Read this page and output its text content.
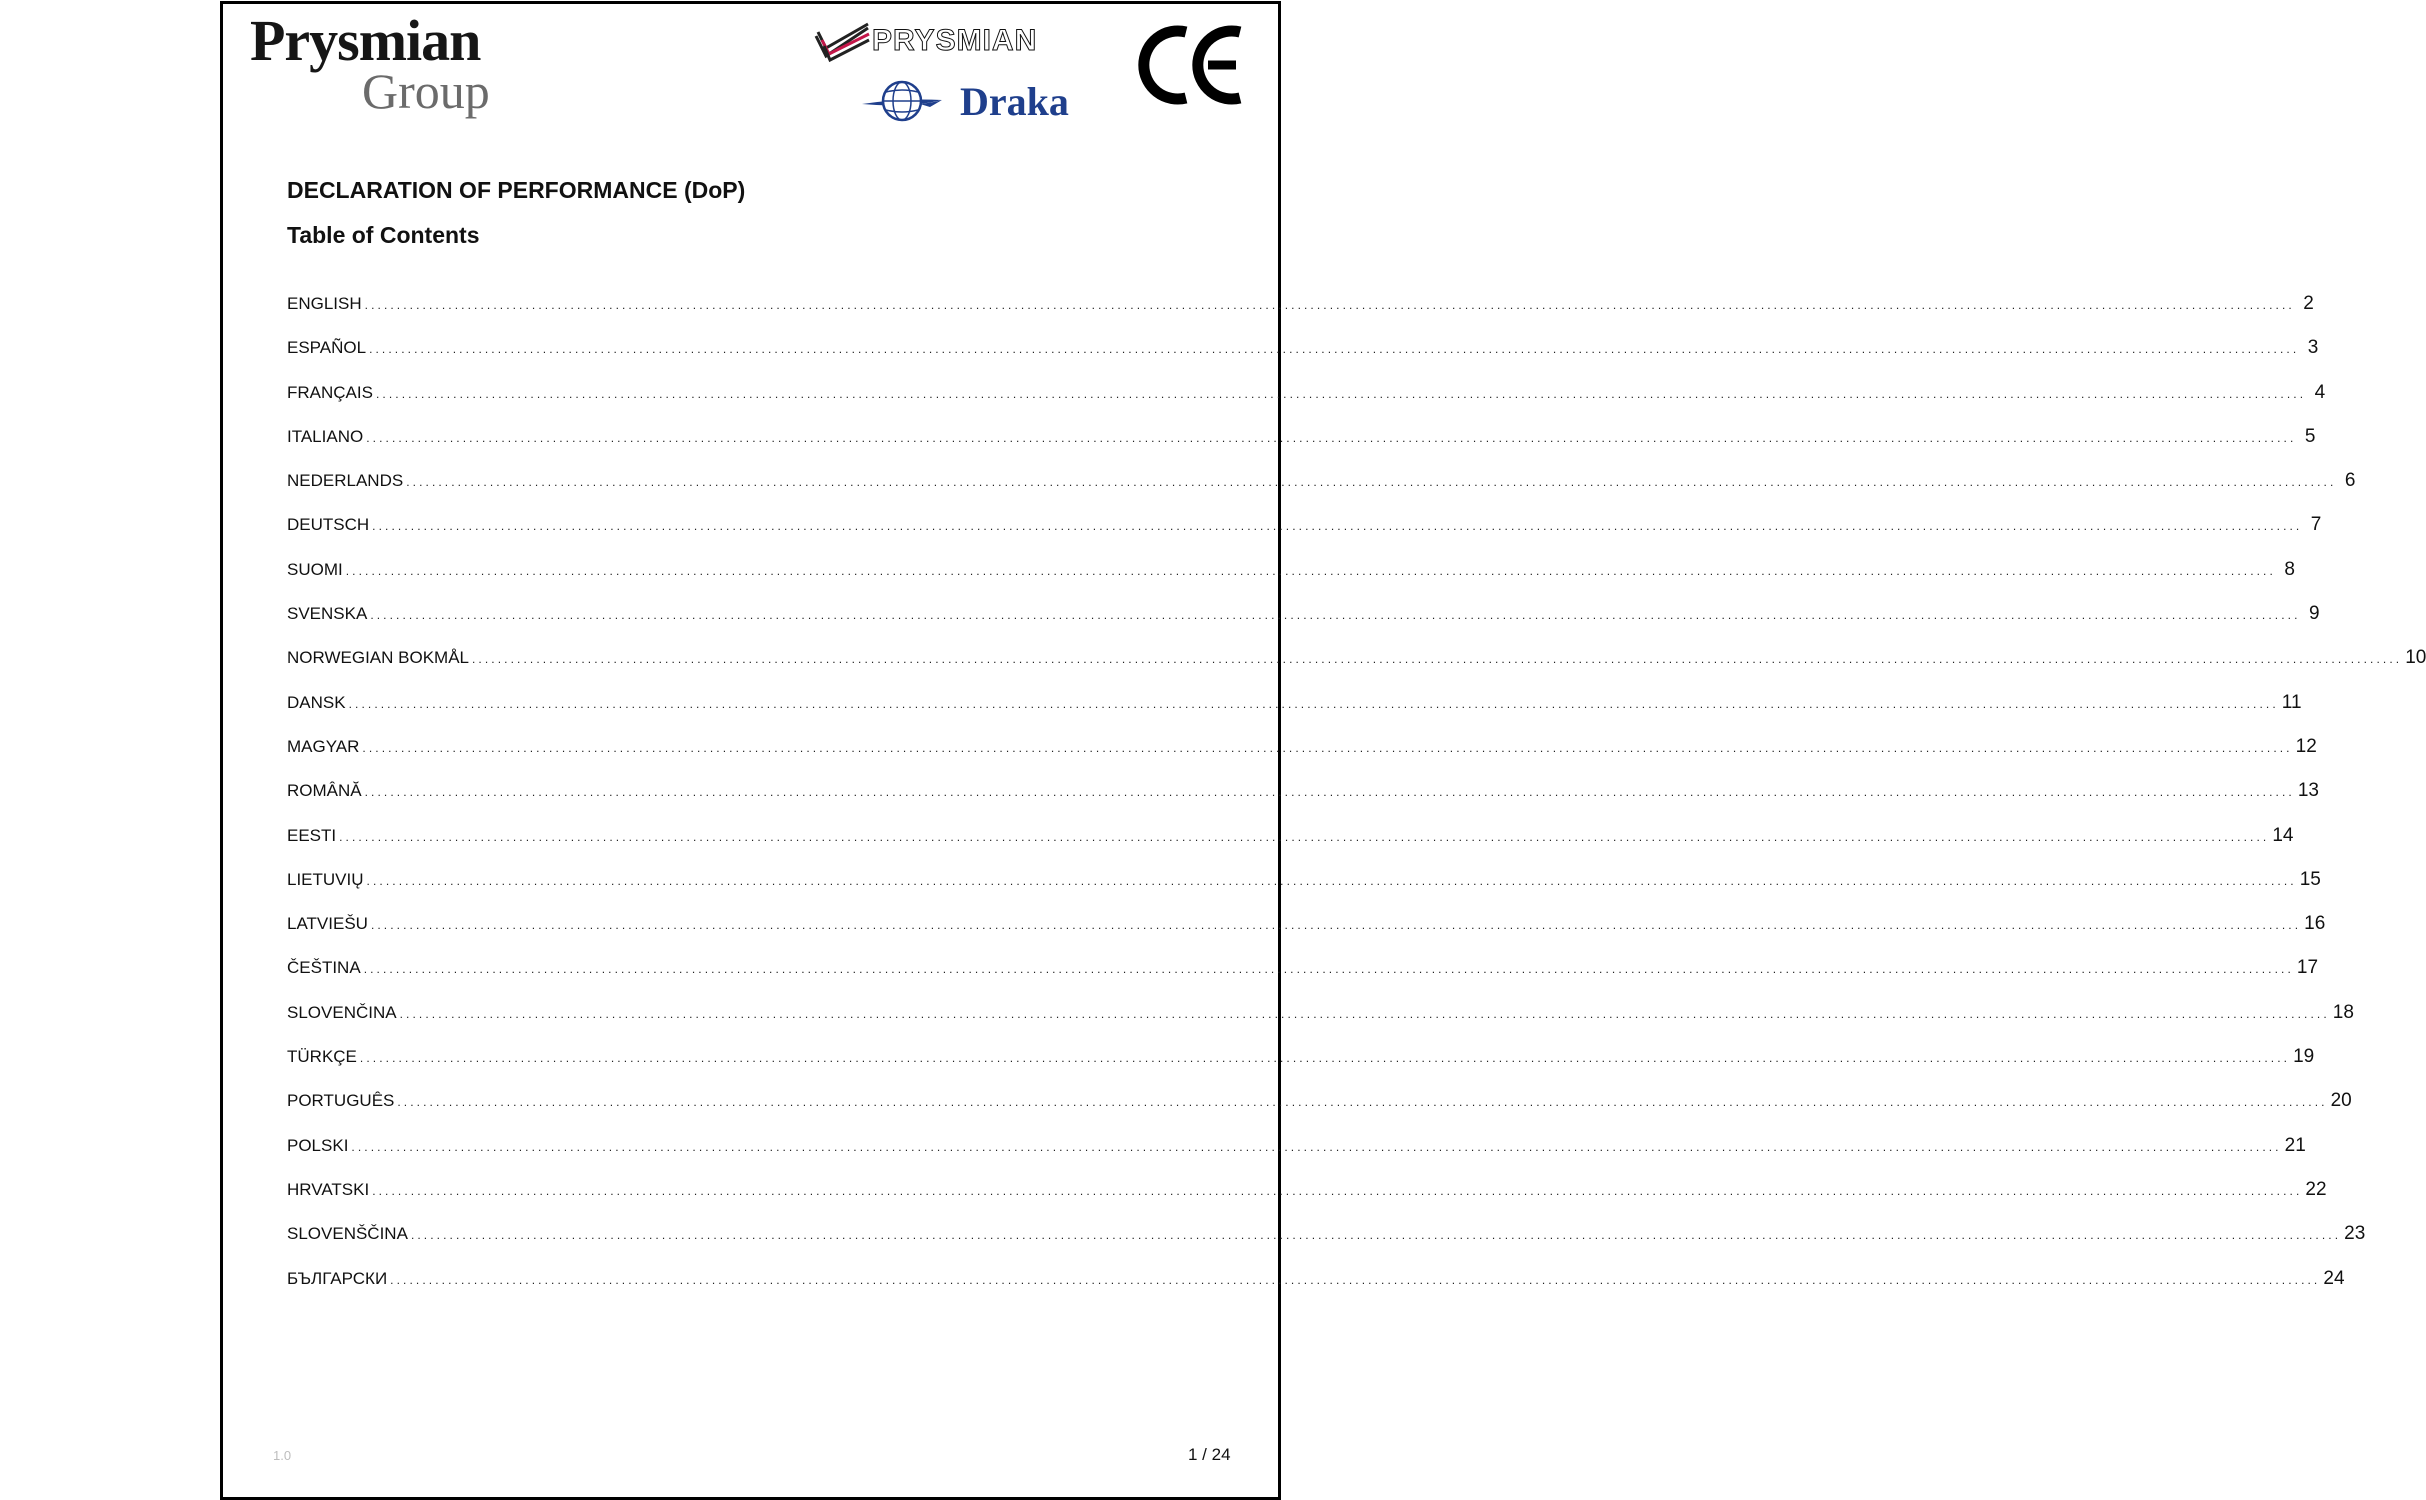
Prysmian
Group
PRYSMIAN
Draka
DECLARATION OF PERFORMANCE (DoP)
Table of Contents
ENGLISH ............................................................................................................................................................................................................................................................................................................ 2
ESPAÑOL ............................................................................................................................................................................................................................................................................................................ 3
FRANÇAIS ............................................................................................................................................................................................................................................................................................................ 4
ITALIANO ............................................................................................................................................................................................................................................................................................................ 5
NEDERLANDS ............................................................................................................................................................................................................................................................................................................ 6
DEUTSCH ............................................................................................................................................................................................................................................................................................................ 7
SUOMI ............................................................................................................................................................................................................................................................................................................ 8
SVENSKA ............................................................................................................................................................................................................................................................................................................ 9
NORWEGIAN BOKMÅL ............................................................................................................................................................................................................................................................................................................ 10
DANSK ............................................................................................................................................................................................................................................................................................................ 11
MAGYAR ............................................................................................................................................................................................................................................................................................................ 12
ROMÂNĂ ............................................................................................................................................................................................................................................................................................................ 13
EESTI ............................................................................................................................................................................................................................................................................................................ 14
LIETUVIŲ ............................................................................................................................................................................................................................................................................................................ 15
LATVIEŠU ............................................................................................................................................................................................................................................................................................................ 16
ČEŠTINA ............................................................................................................................................................................................................................................................................................................ 17
SLOVENČINA ............................................................................................................................................................................................................................................................................................................ 18
TÜRKÇE ............................................................................................................................................................................................................................................................................................................ 19
PORTUGUÊS ............................................................................................................................................................................................................................................................................................................ 20
POLSKI ............................................................................................................................................................................................................................................................................................................ 21
HRVATSKI ............................................................................................................................................................................................................................................................................................................ 22
SLOVENŠČINA ............................................................................................................................................................................................................................................................................................................ 23
БЪЛГАРСКИ ............................................................................................................................................................................................................................................................................................................ 24
1.0	1 / 24
